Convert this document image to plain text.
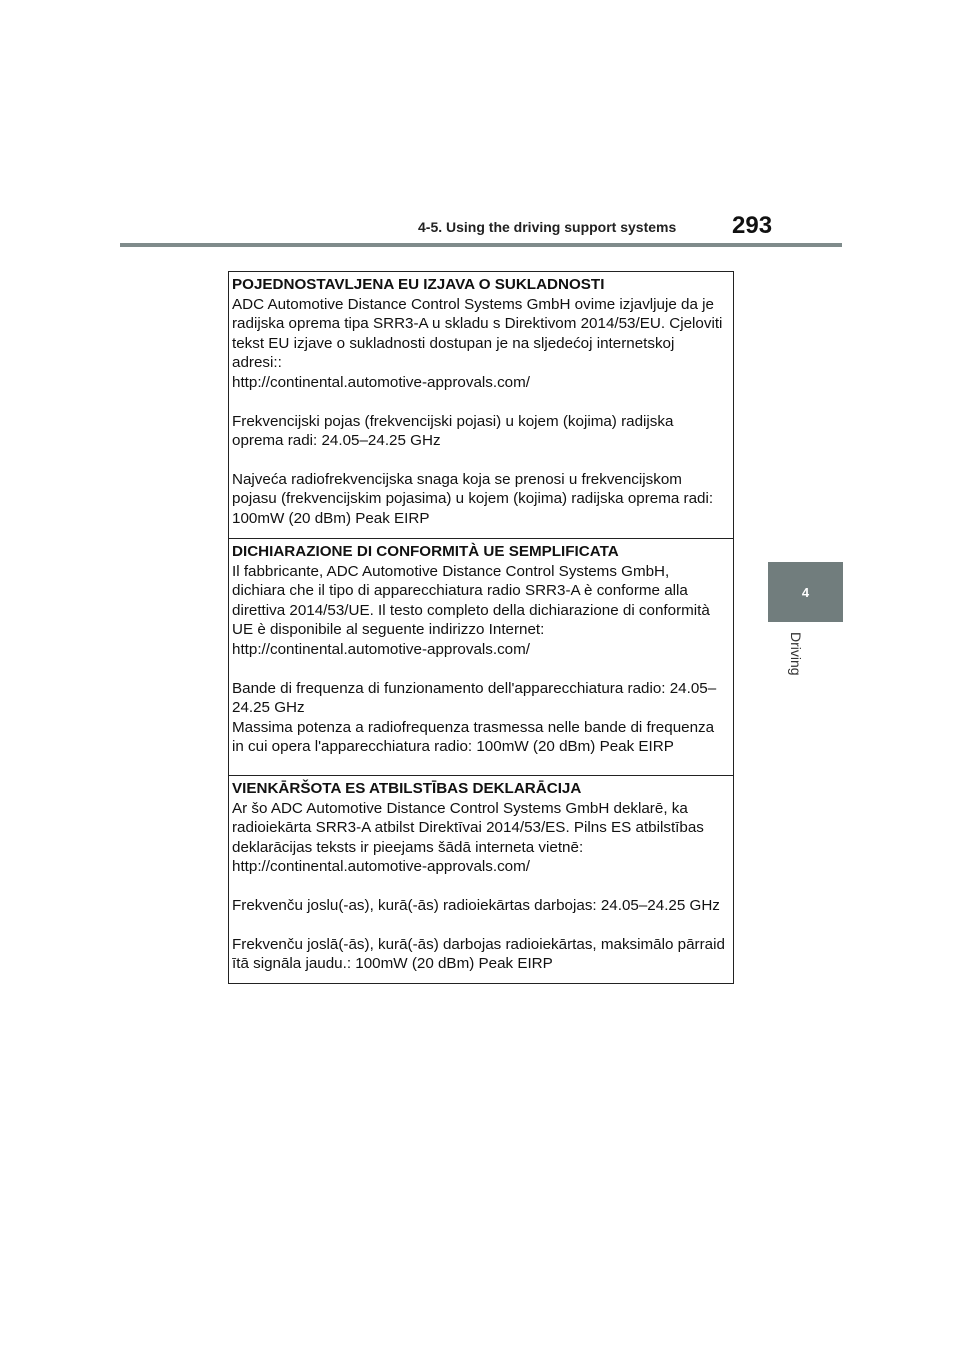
4-5. Using the driving support systems 293
4
Driving
POJEDNOSTAVLJENA EU IZJAVA O SUKLADNOSTI
ADC Automotive Distance Control Systems GmbH ovime izjavljuje da je
radijska oprema tipa SRR3-A u skladu s Direktivom 2014/53/EU. Cjeloviti
tekst EU izjave o sukladnosti dostupan je na sljedećoj internetskoj
adresi::
http://continental.automotive-approvals.com/
Frekvencijski pojas (frekvencijski pojasi) u kojem (kojima) radijska
oprema radi: 24.05–24.25 GHz
Najveća radiofrekvencijska snaga koja se prenosi u frekvencijskom
pojasu (frekvencijskim pojasima) u kojem (kojima) radijska oprema radi:
100mW (20 dBm) Peak EIRP
DICHIARAZIONE DI CONFORMITÀ UE SEMPLIFICATA
Il fabbricante, ADC Automotive Distance Control Systems GmbH,
dichiara che il tipo di apparecchiatura radio SRR3-A è conforme alla
direttiva 2014/53/UE. Il testo completo della dichiarazione di conformità
UE è disponibile al seguente indirizzo Internet:
http://continental.automotive-approvals.com/
Bande di frequenza di funzionamento dell'apparecchiatura radio: 24.05–
24.25 GHz
Massima potenza a radiofrequenza trasmessa nelle bande di frequenza
in cui opera l'apparecchiatura radio: 100mW (20 dBm) Peak EIRP
VIENKĀRŠOTA ES ATBILSTĪBAS DEKLARĀCIJA
Ar šo ADC Automotive Distance Control Systems GmbH deklarē, ka
radioiekārta SRR3-A atbilst Direktīvai 2014/53/ES. Pilns ES atbilstības
deklarācijas teksts ir pieejams šādā interneta vietnē:
http://continental.automotive-approvals.com/
Frekvenču joslu(-as), kurā(-ās) radioiekārtas darbojas: 24.05–24.25 GHz
Frekvenču joslā(-ās), kurā(-ās) darbojas radioiekārtas, maksimālo pārraid
ītā signāla jaudu.: 100mW (20 dBm) Peak EIRP
